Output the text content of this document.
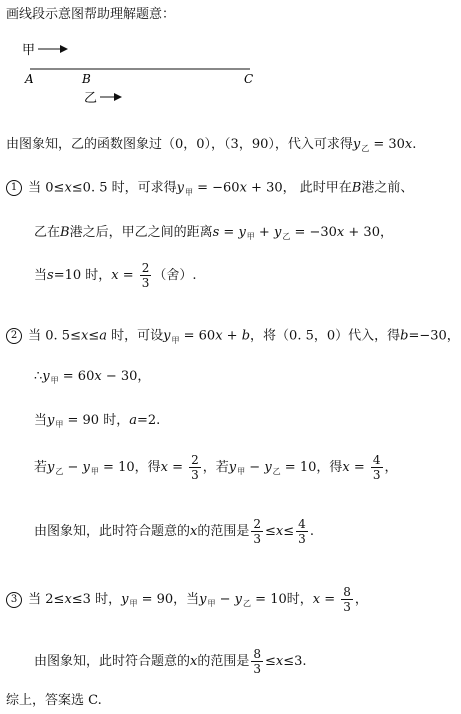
画线段示意图帮助理解题意：
甲
A	B	C
乙
由图象知，乙的函数图象过（0，0），（3，90），代入可求得$y_乙 = 30x$.
1 当 0≤x≤0. 5 时，可求得$y_甲 = -60x + 30$， 此时甲在B港之前、
乙在B港之后，甲乙之间的距离$s = y_甲 + y_乙 = -30x + 30$，
当s=10 时，$x = \frac{2}{3}$ （舍）.
2 当 0. 5≤x≤a 时，可设$y_甲 = 60x + b$，将（0. 5，0）代入，得b=−30，
$\therefore y_甲 = 60x - 30$，
当$y_甲 = 90$ 时，a=2.
若$y_乙 - y_甲 = 10$，得$x = \frac{2}{3}$ ，若$y_甲 - y_乙 = 10$，得$x = \frac{4}{3}$ ，
由图象知，此时符合题意的x的范围是 $\frac{2}{3} \le x\le \frac{4}{3}$ .
3 当 2≤x≤3 时，$y_甲 = 90$，当$y_甲 - y_乙 = 10$时，$x = \frac{8}{3}$ ，
由图象知，此时符合题意的x的范围是 $\frac{8}{3} \le x\le 3$.
综上，答案选 C.
